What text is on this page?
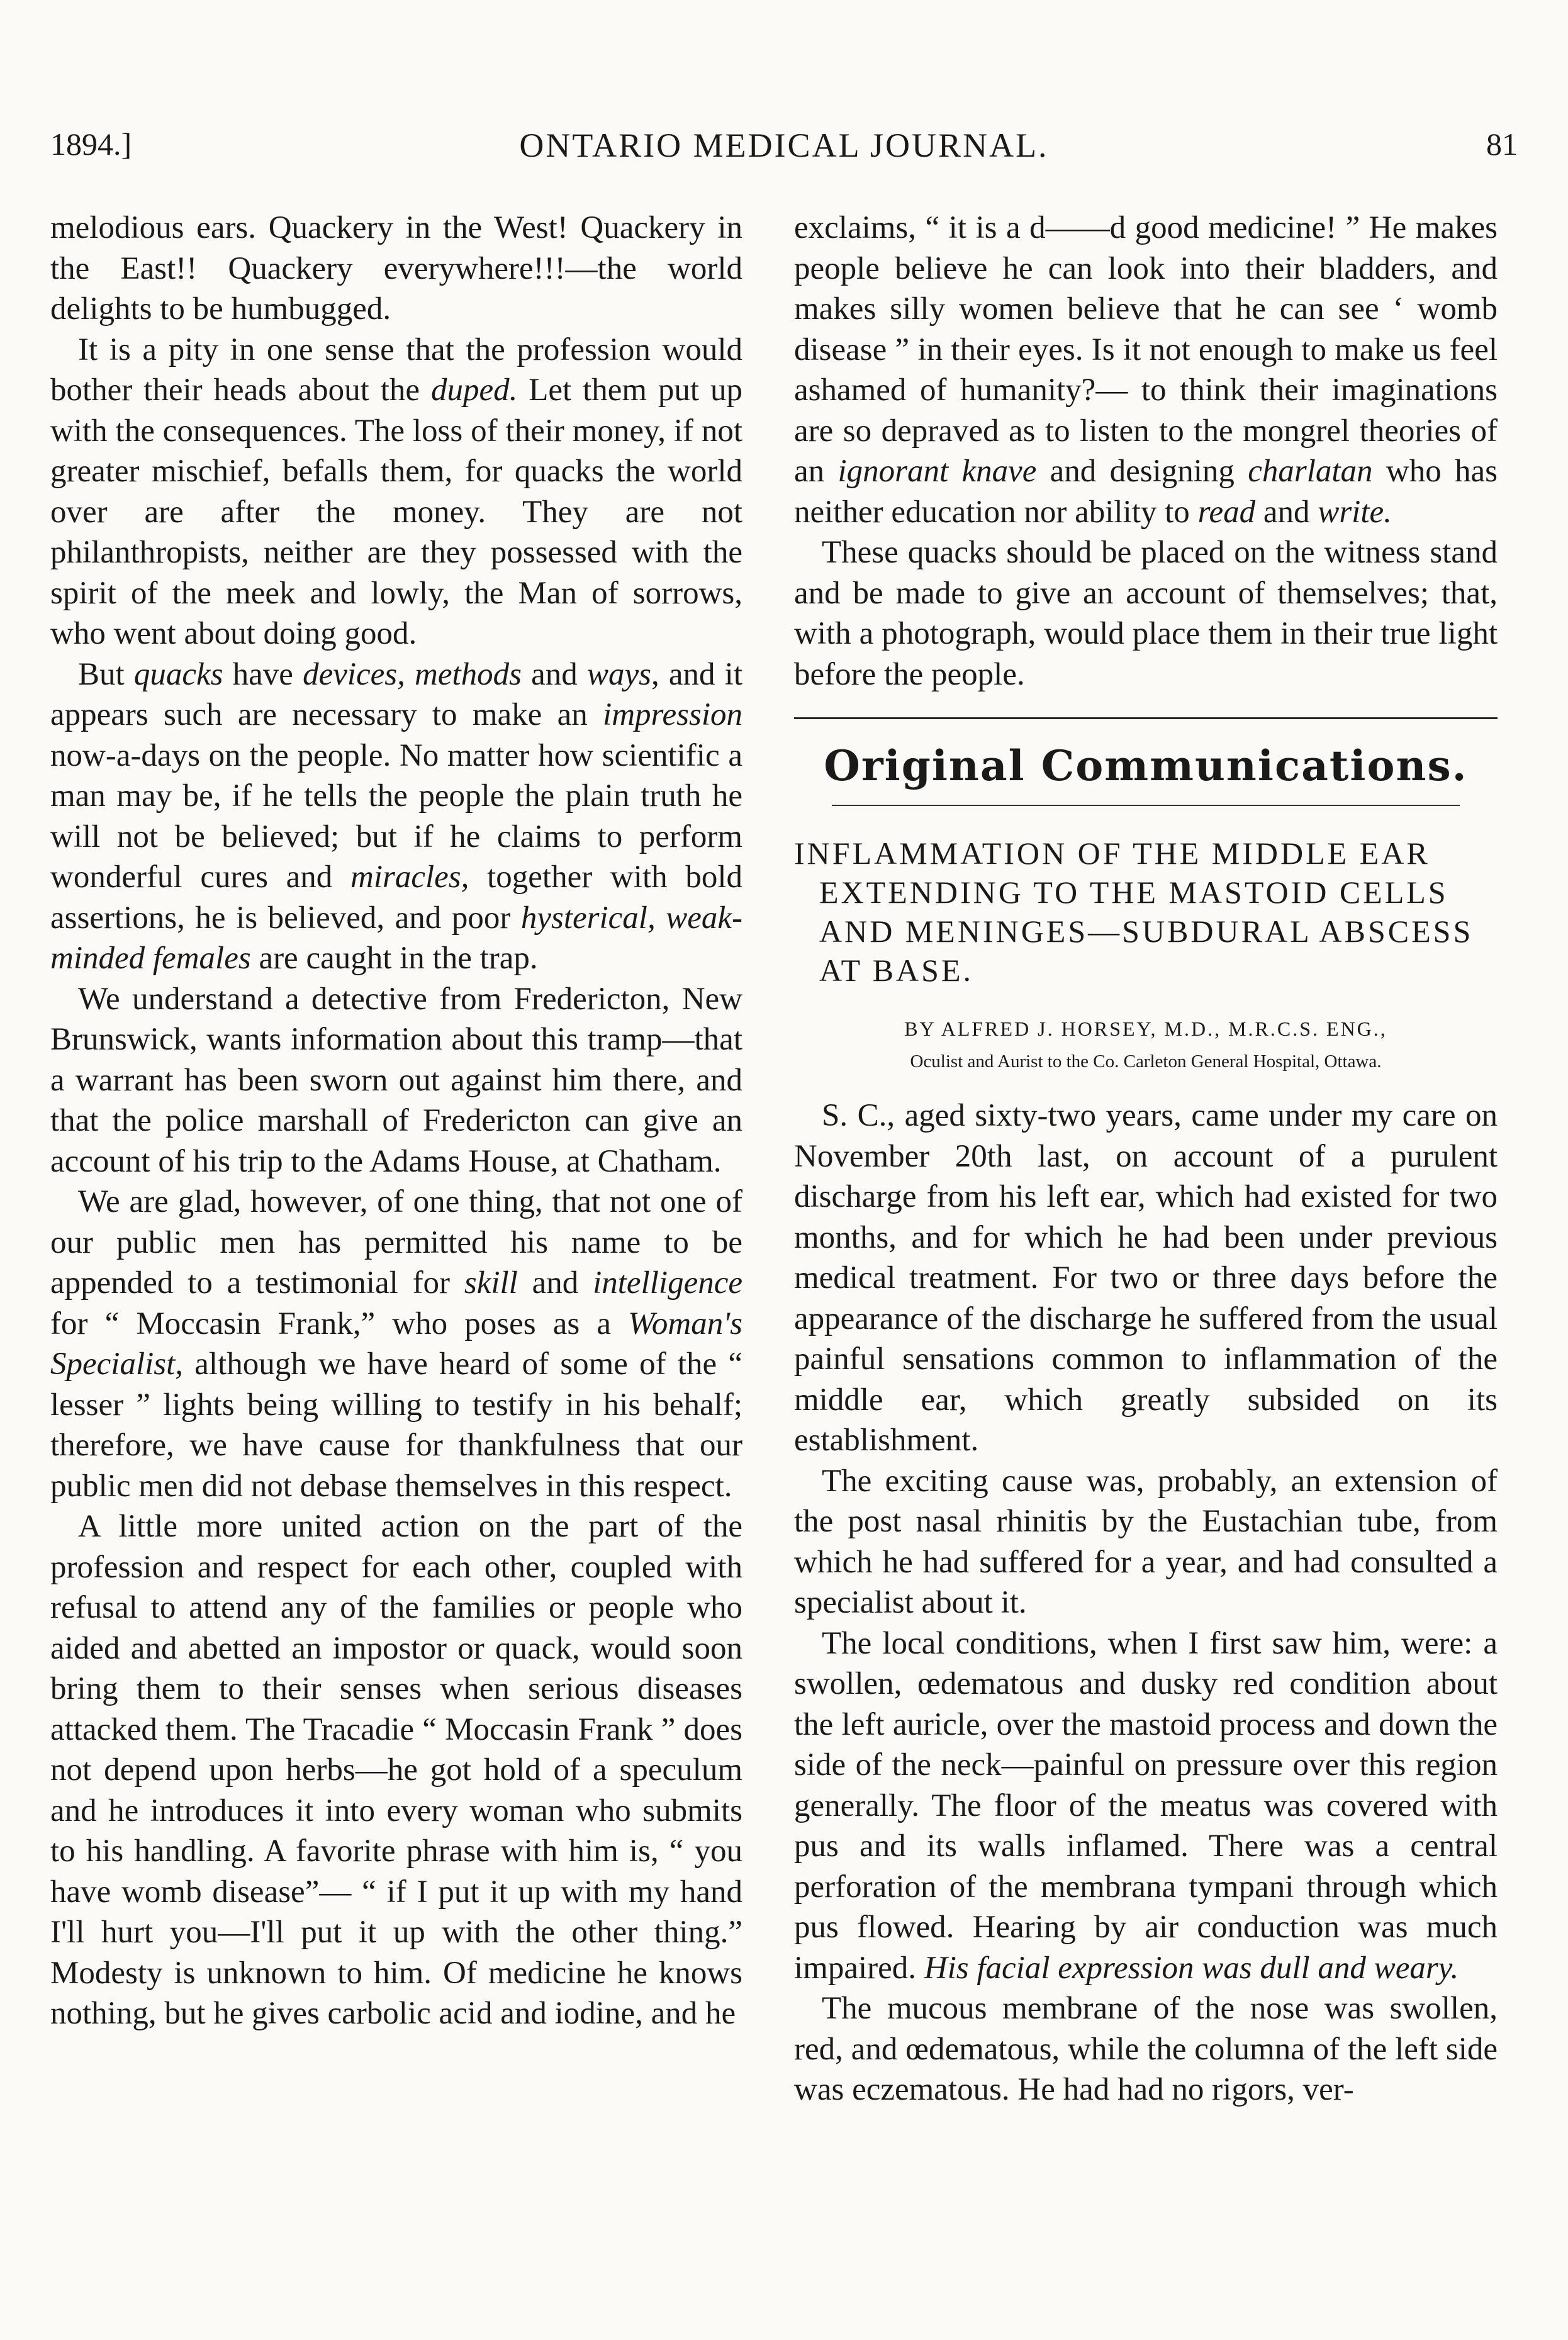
1894.]	ONTARIO MEDICAL JOURNAL.	81

melodious ears. Quackery in the West! Quackery in the East!! Quackery everywhere!!!—the world delights to be humbugged.

It is a pity in one sense that the profession would bother their heads about the duped. Let them put up with the consequences. The loss of their money, if not greater mischief, befalls them, for quacks the world over are after the money. They are not philanthropists, neither are they possessed with the spirit of the meek and lowly, the Man of sorrows, who went about doing good.

But quacks have devices, methods and ways, and it appears such are necessary to make an impression now-a-days on the people. No matter how scientific a man may be, if he tells the people the plain truth he will not be believed; but if he claims to perform wonderful cures and miracles, together with bold assertions, he is believed, and poor hysterical, weak-minded females are caught in the trap.

We understand a detective from Fredericton, New Brunswick, wants information about this tramp—that a warrant has been sworn out against him there, and that the police marshall of Fredericton can give an account of his trip to the Adams House, at Chatham.

We are glad, however, of one thing, that not one of our public men has permitted his name to be appended to a testimonial for skill and intelligence for “ Moccasin Frank,” who poses as a Woman's Specialist, although we have heard of some of the “ lesser ” lights being willing to testify in his behalf; therefore, we have cause for thankfulness that our public men did not debase themselves in this respect.

A little more united action on the part of the profession and respect for each other, coupled with refusal to attend any of the families or people who aided and abetted an impostor or quack, would soon bring them to their senses when serious diseases attacked them. The Tracadie “ Moccasin Frank ” does not depend upon herbs—he got hold of a speculum and he introduces it into every woman who submits to his handling. A favorite phrase with him is, “ you have womb disease”— “ if I put it up with my hand I'll hurt you—I'll put it up with the other thing.” Modesty is unknown to him. Of medicine he knows nothing, but he gives carbolic acid and iodine, and he

exclaims, “ it is a d——d good medicine! ” He makes people believe he can look into their bladders, and makes silly women believe that he can see ‘ womb disease ” in their eyes. Is it not enough to make us feel ashamed of humanity?— to think their imaginations are so depraved as to listen to the mongrel theories of an ignorant knave and designing charlatan who has neither education nor ability to read and write.

These quacks should be placed on the witness stand and be made to give an account of themselves; that, with a photograph, would place them in their true light before the people.

Original Communications.
INFLAMMATION OF THE MIDDLE EAR EXTENDING TO THE MASTOID CELLS AND MENINGES—SUBDURAL ABSCESS AT BASE.
BY ALFRED J. HORSEY, M.D., M.R.C.S. ENG.,
Oculist and Aurist to the Co. Carleton General Hospital, Ottawa.

S. C., aged sixty-two years, came under my care on November 20th last, on account of a purulent discharge from his left ear, which had existed for two months, and for which he had been under previous medical treatment. For two or three days before the appearance of the discharge he suffered from the usual painful sensations common to inflammation of the middle ear, which greatly subsided on its establishment.

The exciting cause was, probably, an extension of the post nasal rhinitis by the Eustachian tube, from which he had suffered for a year, and had consulted a specialist about it.

The local conditions, when I first saw him, were: a swollen, œdematous and dusky red condition about the left auricle, over the mastoid process and down the side of the neck—painful on pressure over this region generally. The floor of the meatus was covered with pus and its walls inflamed. There was a central perforation of the membrana tympani through which pus flowed. Hearing by air conduction was much impaired. His facial expression was dull and weary.

The mucous membrane of the nose was swollen, red, and œdematous, while the columna of the left side was eczematous. He had had no rigors, ver-
